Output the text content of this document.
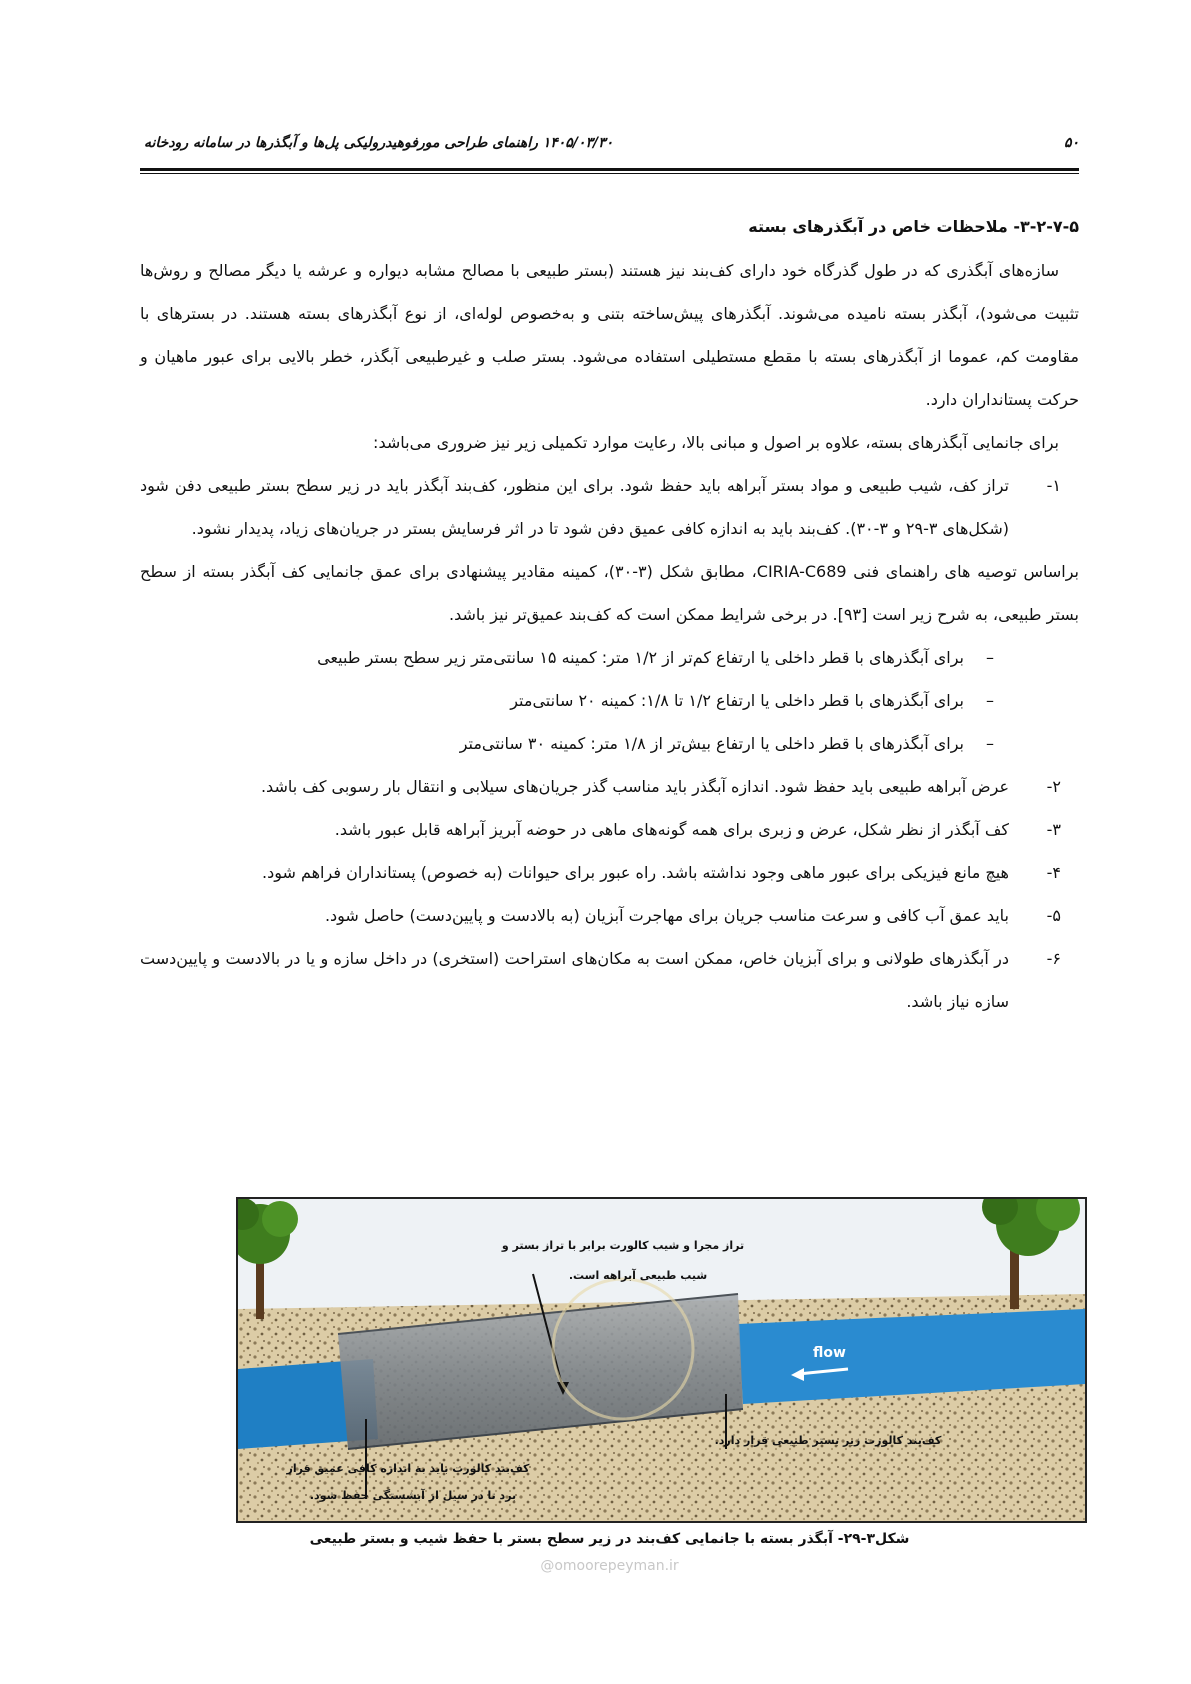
۵۰
۱۴۰۵/۰۳/۳۰ راهنمای طراحی مورفوهیدرولیکی پل‌ها و آبگذرها در سامانه رودخانه

۳-۲-۷-۵- ملاحظات خاص در آبگذرهای بسته

سازه‌های آبگذری که در طول گذرگاه خود دارای کف‌بند نیز هستند (بستر طبیعی با مصالح مشابه دیواره و عرشه یا دیگر مصالح و روش‌ها تثبیت می‌شود)، آبگذر بسته نامیده می‌شوند. آبگذرهای پیش‌ساخته بتنی و به‌خصوص لوله‌ای، از نوع آبگذرهای بسته هستند. در بسترهای با مقاومت کم، عموما از آبگذرهای بسته با مقطع مستطیلی استفاده می‌شود. بستر صلب و غیرطبیعی آبگذر، خطر بالایی برای عبور ماهیان و حرکت پستانداران دارد.

برای جانمایی آبگذرهای بسته، علاوه بر اصول و مبانی بالا، رعایت موارد تکمیلی زیر نیز ضروری می‌باشد:

۱-
تراز کف، شیب طبیعی و مواد بستر آبراهه باید حفظ شود. برای این منظور، کف‌بند آبگذر باید در زیر سطح بستر طبیعی دفن شود (شکل‌های ۳-۲۹ و ۳-۳۰). کف‌بند باید به اندازه کافی عمیق دفن شود تا در اثر فرسایش بستر در جریان‌های زیاد، پدیدار نشود.
براساس توصیه های راهنمای فنی CIRIA-C689، مطابق شکل (۳-۳۰)، کمینه مقادیر پیشنهادی برای عمق جانمایی کف آبگذر بسته از سطح بستر طبیعی، به شرح زیر است [۹۳]. در برخی شرایط ممکن است که کف‌بند عمیق‌تر نیز باشد.
–
برای آبگذرهای با قطر داخلی یا ارتفاع کم‌تر از ۱/۲ متر: کمینه ۱۵ سانتی‌متر زیر سطح بستر طبیعی
–
برای آبگذرهای با قطر داخلی یا ارتفاع ۱/۲ تا ۱/۸: کمینه ۲۰ سانتی‌متر
–
برای آبگذرهای با قطر داخلی یا ارتفاع بیش‌تر از ۱/۸ متر: کمینه ۳۰ سانتی‌متر
۲-
عرض آبراهه طبیعی باید حفظ شود. اندازه آبگذر باید مناسب گذر جریان‌های سیلابی و انتقال بار رسوبی کف باشد.
۳-
کف آبگذر از نظر شکل، عرض و زبری برای همه گونه‌های ماهی در حوضه آبریز آبراهه قابل عبور باشد.
۴-
هیچ مانع فیزیکی برای عبور ماهی وجود نداشته باشد. راه عبور برای حیوانات (به خصوص) پستانداران فراهم شود.
۵-
باید عمق آب کافی و سرعت مناسب جریان برای مهاجرت آبزیان (به بالادست و پایین‌دست) حاصل شود.
۶-
در آبگذرهای طولانی و برای آبزیان خاص، ممکن است به مکان‌های استراحت (استخری) در داخل سازه و یا در بالادست و پایین‌دست سازه نیاز باشد.
تراز مجرا و شیب کالورت برابر با تراز بستر و
شیب طبیعی آبراهه است.
flow
کف‌بند کالورت زیر بستر طبیعی قرار دارد.
کف‌بند کالورت باید به اندازه کافی عمیق قرار
برد تا در سیل از آبشستگی حفظ شود.
شکل۳-۲۹- آبگذر بسته با جانمایی کف‌بند در زیر سطح بستر با حفظ شیب و بستر طبیعی
@omoorepeyman.ir
